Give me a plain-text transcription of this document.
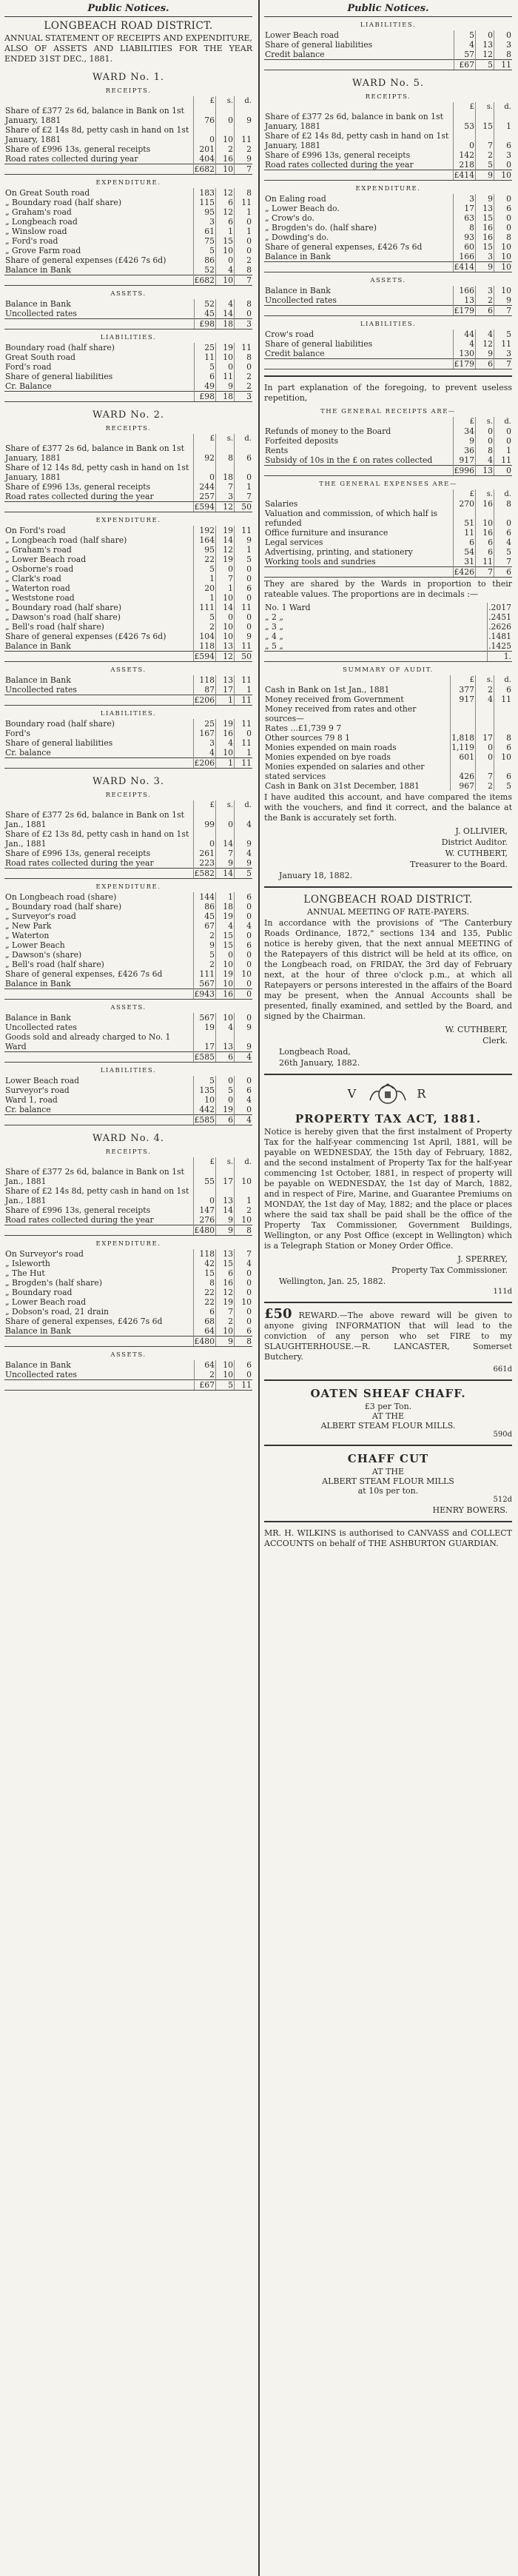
Public Notices.
LONGBEACH ROAD DISTRICT.
ANNUAL STATEMENT OF RECEIPTS AND EXPENDITURE, ALSO OF ASSETS AND LIABILITIES FOR THE YEAR ENDED 31ST DEC., 1881.
WARD No. 1.
RECEIPTS.
	£	s.	d.
Share of £377 2s 6d, balance in Bank on 1st January, 1881	76	0	9
Share of £2 14s 8d, petty cash in hand on 1st January, 1881	0	10	11
Share of £996 13s, general receipts	201	2	2
Road rates collected during year	404	16	9
	£682	10	7
EXPENDITURE.
On Great South road	183	12	8
„ Boundary road (half share)	115	6	11
„ Graham's road	95	12	1
„ Longbeach road	3	6	0
„ Winslow road	61	1	1
„ Ford's road	75	15	0
„ Grove Farm road	5	10	0
Share of general expenses (£426 7s 6d)	86	0	2
Balance in Bank	52	4	8
	£682	10	7
ASSETS.
Balance in Bank	52	4	8
Uncollected rates	45	14	0
	£98	18	3
LIABILITIES.
Boundary road (half share)	25	19	11
Great South road	11	10	8
Ford's road	5	0	0
Share of general liabilities	6	11	2
Cr. Balance	49	9	2
	£98	18	3
WARD No. 2.
RECEIPTS.
	£	s.	d.
Share of £377 2s 6d, balance in Bank on 1st January, 1881	92	8	6
Share of 12 14s 8d, petty cash in hand on 1st January, 1881	0	18	0
Share of £996 13s, general receipts	244	7	1
Road rates collected during the year	257	3	7
	£594	12	50
EXPENDITURE.
On Ford's road	192	19	11
„ Longbeach road (half share)	164	14	9
„ Graham's road	95	12	1
„ Lower Beach road	22	19	5
„ Osborne's road	5	0	0
„ Clark's road	1	7	0
„ Waterton road	20	1	6
„ Weststone road	1	10	0
„ Boundary road (half share)	111	14	11
„ Dawson's road (half share)	5	0	0
„ Bell's road (half share)	2	10	0
Share of general expenses (£426 7s 6d)	104	10	9
Balance in Bank	118	13	11
	£594	12	50
ASSETS.
Balance in Bank	118	13	11
Uncollected rates	87	17	1
	£206	1	11
LIABILITIES.
Boundary road (half share)	25	19	11
Ford's	167	16	0
Share of general liabilities	3	4	11
Cr. balance	4	10	1
	£206	1	11
WARD No. 3.
RECEIPTS.
	£	s.	d.
Share of £377 2s 6d, balance in Bank on 1st Jan., 1881	99	0	4
Share of £2 13s 8d, petty cash in hand on 1st Jan., 1881	0	14	9
Share of £996 13s, general receipts	261	7	4
Road rates collected during the year	223	9	9
	£582	14	5
EXPENDITURE.
On Longbeach road (share)	144	1	6
„ Boundary road (half share)	86	18	0
„ Surveyor's road	45	19	0
„ New Park	67	4	4
„ Waterton	2	15	0
„ Lower Beach	9	15	6
„ Dawson's (share)	5	0	0
„ Bell's road (half share)	2	10	0
Share of general expenses, £426 7s 6d	111	19	10
Balance in Bank	567	10	0
	£943	16	0
ASSETS.
Balance in Bank	567	10	0
Uncollected rates	19	4	9
Goods sold and already charged to No. 1 Ward	17	13	9
	£585	6	4
LIABILITIES.
Lower Beach road	5	0	0
Surveyor's road	135	5	6
Ward 1, road	10	0	4
Cr. balance	442	19	0
	£585	6	4
WARD No. 4.
RECEIPTS.
	£	s.	d.
Share of £377 2s 6d, balance in Bank on 1st Jan., 1881	55	17	10
Share of £2 14s 8d, petty cash in hand on 1st Jan., 1881	0	13	1
Share of £996 13s, general receipts	147	14	2
Road rates collected during the year	276	9	10
	£480	9	8
EXPENDITURE.
On Surveyor's road	118	13	7
„ Isleworth	42	15	4
„ The Hut	15	6	0
„ Brogden's (half share)	8	16	0
„ Boundary road	22	12	0
„ Lower Beach road	22	19	10
„ Dobson's road, 21 drain	6	7	0
Share of general expenses, £426 7s 6d	68	2	0
Balance in Bank	64	10	6
	£480	9	8
ASSETS.
Balance in Bank	64	10	6
Uncollected rates	2	10	0
	£67	5	11
Public Notices.
LIABILITIES.
Lower Beach road	5	0	0
Share of general liabilities	4	13	3
Credit balance	57	12	8
	£67	5	11
WARD No. 5.
RECEIPTS.
	£	s.	d.
Share of £377 2s 6d, balance in bank on 1st January, 1881	53	15	1
Share of £2 14s 8d, petty cash in hand on 1st January, 1881	0	7	6
Share of £996 13s, general receipts	142	2	3
Road rates collected during the year	218	5	0
	£414	9	10
EXPENDITURE.
On Ealing road	3	9	0
„ Lower Beach do.	17	13	6
„ Crow's do.	63	15	0
„ Brogden's do. (half share)	8	16	0
„ Dowding's do.	93	16	8
Share of general expenses, £426 7s 6d	60	15	10
Balance in Bank	166	3	10
	£414	9	10
ASSETS.
Balance in Bank	166	3	10
Uncollected rates	13	2	9
	£179	6	7
LIABILITIES.
Crow's road	44	4	5
Share of general liabilities	4	12	11
Credit balance	130	9	3
	£179	6	7
In part explanation of the foregoing, to prevent useless repetition,
THE GENERAL RECEIPTS ARE—
	£	s.	d.
Refunds of money to the Board	34	0	0
Forfeited deposits	9	0	0
Rents	36	8	1
Subsidy of 10s in the £ on rates collected	917	4	11
	£996	13	0
THE GENERAL EXPENSES ARE—
	£	s.	d.
Salaries	270	16	8
Valuation and commission, of which half is refunded	51	10	0
Office furniture and insurance	11	16	6
Legal services	6	6	4
Advertising, printing, and stationery	54	6	5
Working tools and sundries	31	11	7
	£426	7	6
They are shared by the Wards in proportion to their rateable values. The proportions are in decimals :—
No. 1 Ward	.2017
„ 2 „	.2451
„ 3 „	.2626
„ 4 „	.1481
„ 5 „	.1425
	1.
SUMMARY OF AUDIT.
	£	s.	d.
Cash in Bank on 1st Jan., 1881	377	2	6
Money received from Government	917	4	11
Money received from rates and other sources—			
Rates ...£1,739 9 7			
Other sources 79 8 1	1,818	17	8
Monies expended on main roads	1,119	0	6
Monies expended on bye roads	601	0	10
Monies expended on salaries and other stated services	426	7	6
Cash in Bank on 31st December, 1881	967	2	5
I have audited this account, and have compared the items with the vouchers, and find it correct, and the balance at the Bank is accurately set forth.
J. OLLIVIER,
District Auditor.
W. CUTHBERT,
Treasurer to the Board.
January 18, 1882.
LONGBEACH ROAD DISTRICT.
ANNUAL MEETING OF RATE-PAYERS.
In accordance with the provisions of "The Canterbury Roads Ordinance, 1872," sections 134 and 135, Public notice is hereby given, that the next annual MEETING of the Ratepayers of this district will be held at its office, on the Longbeach road, on FRIDAY, the 3rd day of February next, at the hour of three o'clock p.m., at which all Ratepayers or persons interested in the affairs of the Board may be present, when the Annual Accounts shall be presented, finally examined, and settled by the Board, and signed by the Chairman.
W. CUTHBERT,
Clerk.
Longbeach Road,
26th January, 1882.
V	R
PROPERTY TAX ACT, 1881.
Notice is hereby given that the first instalment of Property Tax for the half-year commencing 1st April, 1881, will be payable on WEDNESDAY, the 15th day of February, 1882, and the second instalment of Property Tax for the half-year commencing 1st October, 1881, in respect of property will be payable on WEDNESDAY, the 1st day of March, 1882, and in respect of Fire, Marine, and Guarantee Premiums on MONDAY, the 1st day of May, 1882; and the place or places where the said tax shall be paid shall be the office of the Property Tax Commissioner, Government Buildings, Wellington, or any Post Office (except in Wellington) which is a Telegraph Station or Money Order Office.
J. SPERREY,
Property Tax Commissioner.
Wellington, Jan. 25, 1882.
111d
£50 REWARD.—The above reward will be given to anyone giving INFORMATION that will lead to the conviction of any person who set FIRE to my SLAUGHTERHOUSE.—R. LANCASTER, Somerset Butchery.
661d
OATEN SHEAF CHAFF.
£3 per Ton.
AT THE
ALBERT STEAM FLOUR MILLS.
590d
CHAFF CUT
AT THE
ALBERT STEAM FLOUR MILLS
at 10s per ton.
512d
HENRY BOWERS.
MR. H. WILKINS is authorised to CANVASS and COLLECT ACCOUNTS on behalf of THE ASHBURTON GUARDIAN.
